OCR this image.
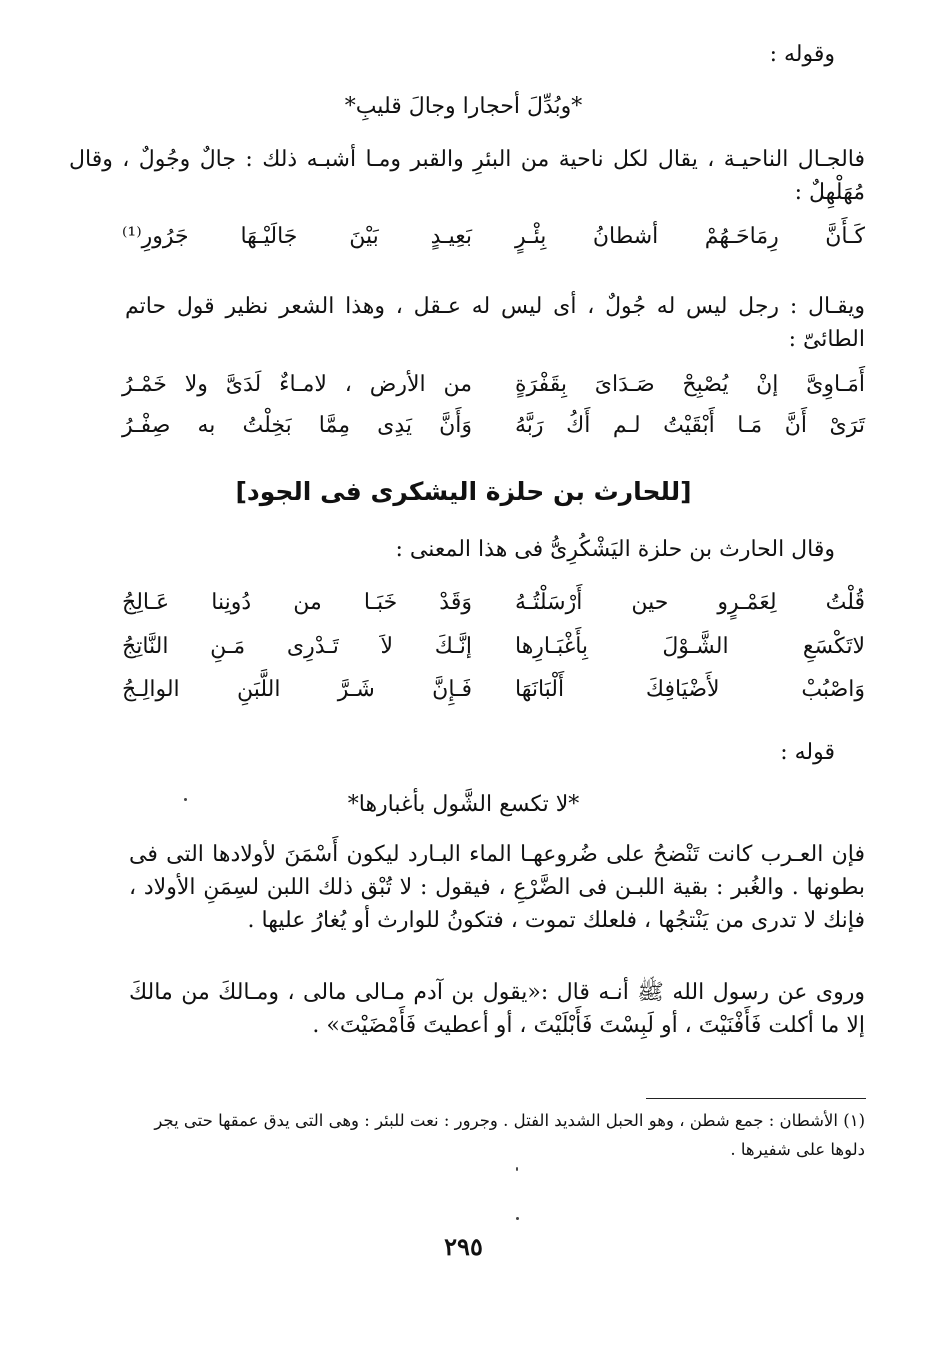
وقوله :
*وبُدِّلَ أحجارا وجالَ قليبِ*
فالجـال الناحيـة ، يقال لكل ناحية من البئرِ والقبر ومـا أشبـه ذلك : جالٌ وجُولٌ ، وقال مُهَلْهِلٌ :
كَـأَنَّ رِمَاحَـهُمْ أشطانُ بِئْـرٍ
بَعِيـدٍ بَيْنَ جَالَيْـهَا جَرُورِ⁽¹⁾
ويقـال : رجل ليس له جُولٌ ، أى ليس له عـقل ، وهذا الشعر نظير قول حاتم الطائىّ :
أَمَـاوِىَّ إنْ يُصْبِحْ صَـدَاىَ بِقَفْرَةٍ
من الأرض ، لامـاءٌ لَدَىَّ ولا خَمْـرُ
تَرَىْ أَنَّ مَـا أَبْقَيْتُ لـم أَكُ رَبَّهُ
وَأَنَّ يَدِى مِمَّا بَخِلْتُ به صِفْـرُ
[للحارث بن حلزة اليشكرى فى الجود]
وقال الحارث بن حلزة اليَشْكُرِىُّ فى هذا المعنى :
قُلْتُ لِعَمْـرٍو حين أَرْسَلْتُـهُ
وَقَدْ خَبَـا من دُونِنا عَـالِجُ
لاتَكْسَعِ الشَّـوْلَ بِأَغْبَـارِها
إنَّـكَ لاَ تَـدْرِى مَـنِ النَّاتِجُ
وَاصْبُبْ لأَضْيَافِكَ أَلْبَانَهَا
فَـإِنَّ شَـرَّ اللَّبَنِ الوالِـجُ
قوله :
*لا تكسع الشَّول بأغبارها*
فإن العـرب كانت تَنْضحُ على ضُروعهـا الماء البـارد ليكون أَسْمَنَ لأولادها التى فى بطونها . والغُبر : بقية اللبـن فى الضَّرْعِ ، فيقول : لا تُبْق ذلك اللبن لسِمَنِ الأولاد ، فإنك لا تدرى من يَنْتجُها ، فلعلك تموت ، فتكونُ للوارث أو يُغارُ عليها .
وروى عن رسول الله ﷺ أنـه قال :«يقول بن آدم مـالى مالى ، ومـالكَ من مالكَ إلا ما أكلت فَأَفْنَيْتَ ، أو لَبِسْتَ فَأَبْلَيْتَ ، أو أعطيتَ فَأَمْضَيْتَ» .
(١) الأشطان : جمع شطن ، وهو الحبل الشديد الفتل . وجرور : نعت للبئر : وهى التى يدق عمقها حتى يجر دلوها على شفيرها .
٢٩٥
